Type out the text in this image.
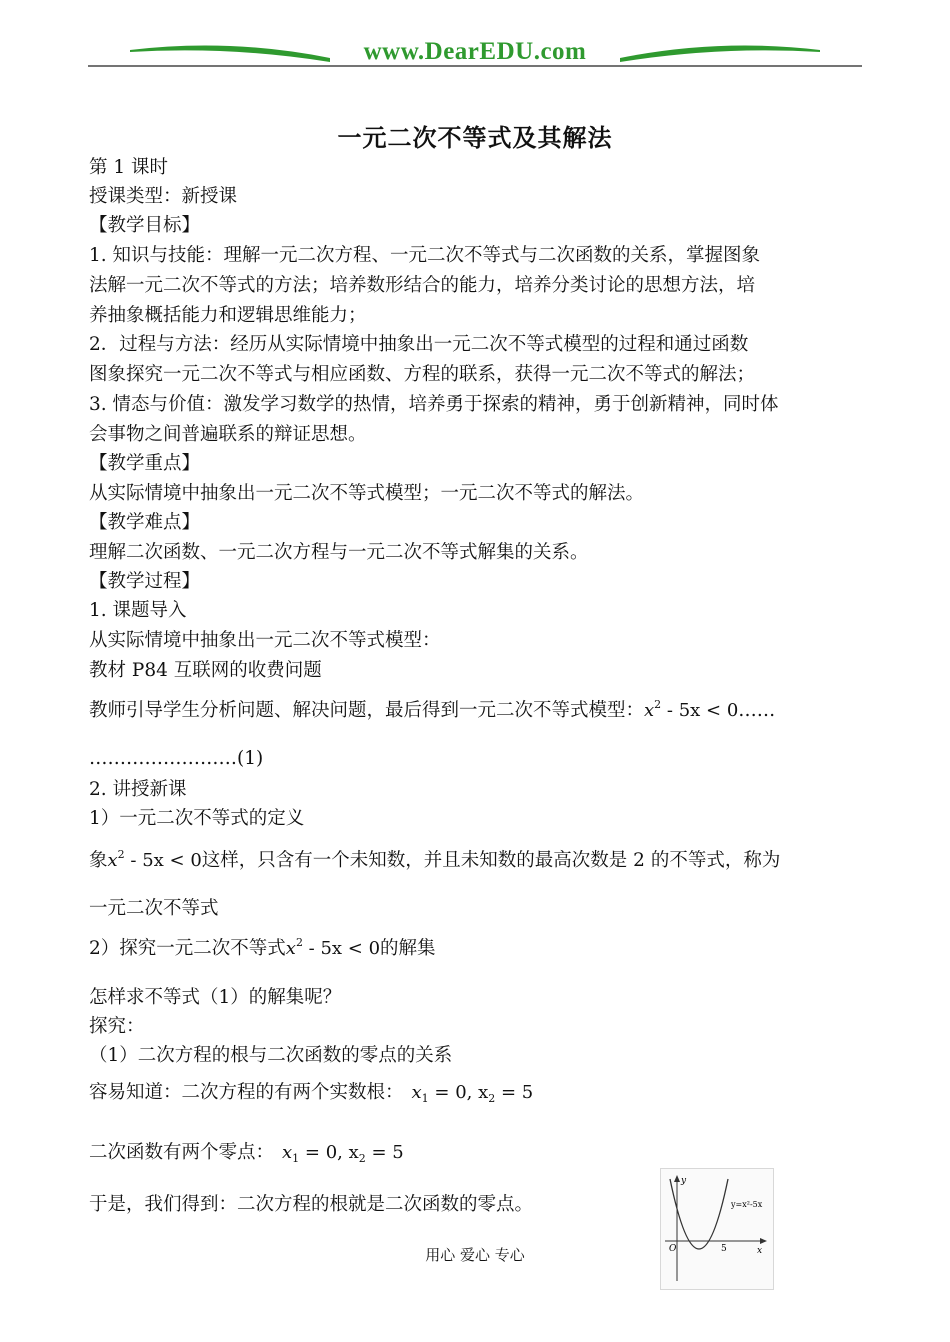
www.DearEDU.com
一元二次不等式及其解法
第 1 课时
授课类型：新授课
【教学目标】
1. 知识与技能：理解一元二次方程、一元二次不等式与二次函数的关系，掌握图象
法解一元二次不等式的方法；培养数形结合的能力，培养分类讨论的思想方法，培
养抽象概括能力和逻辑思维能力；
2．过程与方法：经历从实际情境中抽象出一元二次不等式模型的过程和通过函数
图象探究一元二次不等式与相应函数、方程的联系，获得一元二次不等式的解法；
3. 情态与价值：激发学习数学的热情，培养勇于探索的精神，勇于创新精神，同时体
会事物之间普遍联系的辩证思想。
【教学重点】
从实际情境中抽象出一元二次不等式模型；一元二次不等式的解法。
【教学难点】
理解二次函数、一元二次方程与一元二次不等式解集的关系。
【教学过程】
1. 课题导入
从实际情境中抽象出一元二次不等式模型：
教材 P84 互联网的收费问题
教师引导学生分析问题、解决问题，最后得到一元二次不等式模型：$x^2 - 5x$ < 0……
……………………(1)
2. 讲授新课
1）一元二次不等式的定义
象$x^2 - 5x < 0$这样，只含有一个未知数，并且未知数的最高次数是 2 的不等式，称为
一元二次不等式
2）探究一元二次不等式$x^2 - 5x < 0$的解集
怎样求不等式（1）的解集呢？
探究：
（1）二次方程的根与二次函数的零点的关系
容易知道：二次方程的有两个实数根： $x_1 = 0$, $x_2 = 5$
二次函数有两个零点： $x_1 = 0$, $x_2 = 5$
于是，我们得到：二次方程的根就是二次函数的零点。
y
x
O	5
y=x²-5x
用心 爱心 专心
